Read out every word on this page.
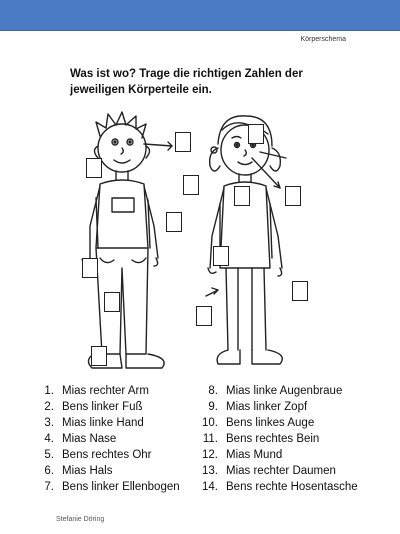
Körperschema
Was ist wo? Trage die richtigen Zahlen der jeweiligen Körperteile ein.
1. Mias rechter Arm
2. Bens linker Fuß
3. Mias linke Hand
4. Mias Nase
5. Bens rechtes Ohr
6. Mias Hals
7. Bens linker Ellenbogen
8. Mias linke Augenbraue
9. Mias linker Zopf
10. Bens linkes Auge
11. Bens rechtes Bein
12. Mias Mund
13. Mias rechter Daumen
14. Bens rechte Hosentasche
Stefanie Döring
